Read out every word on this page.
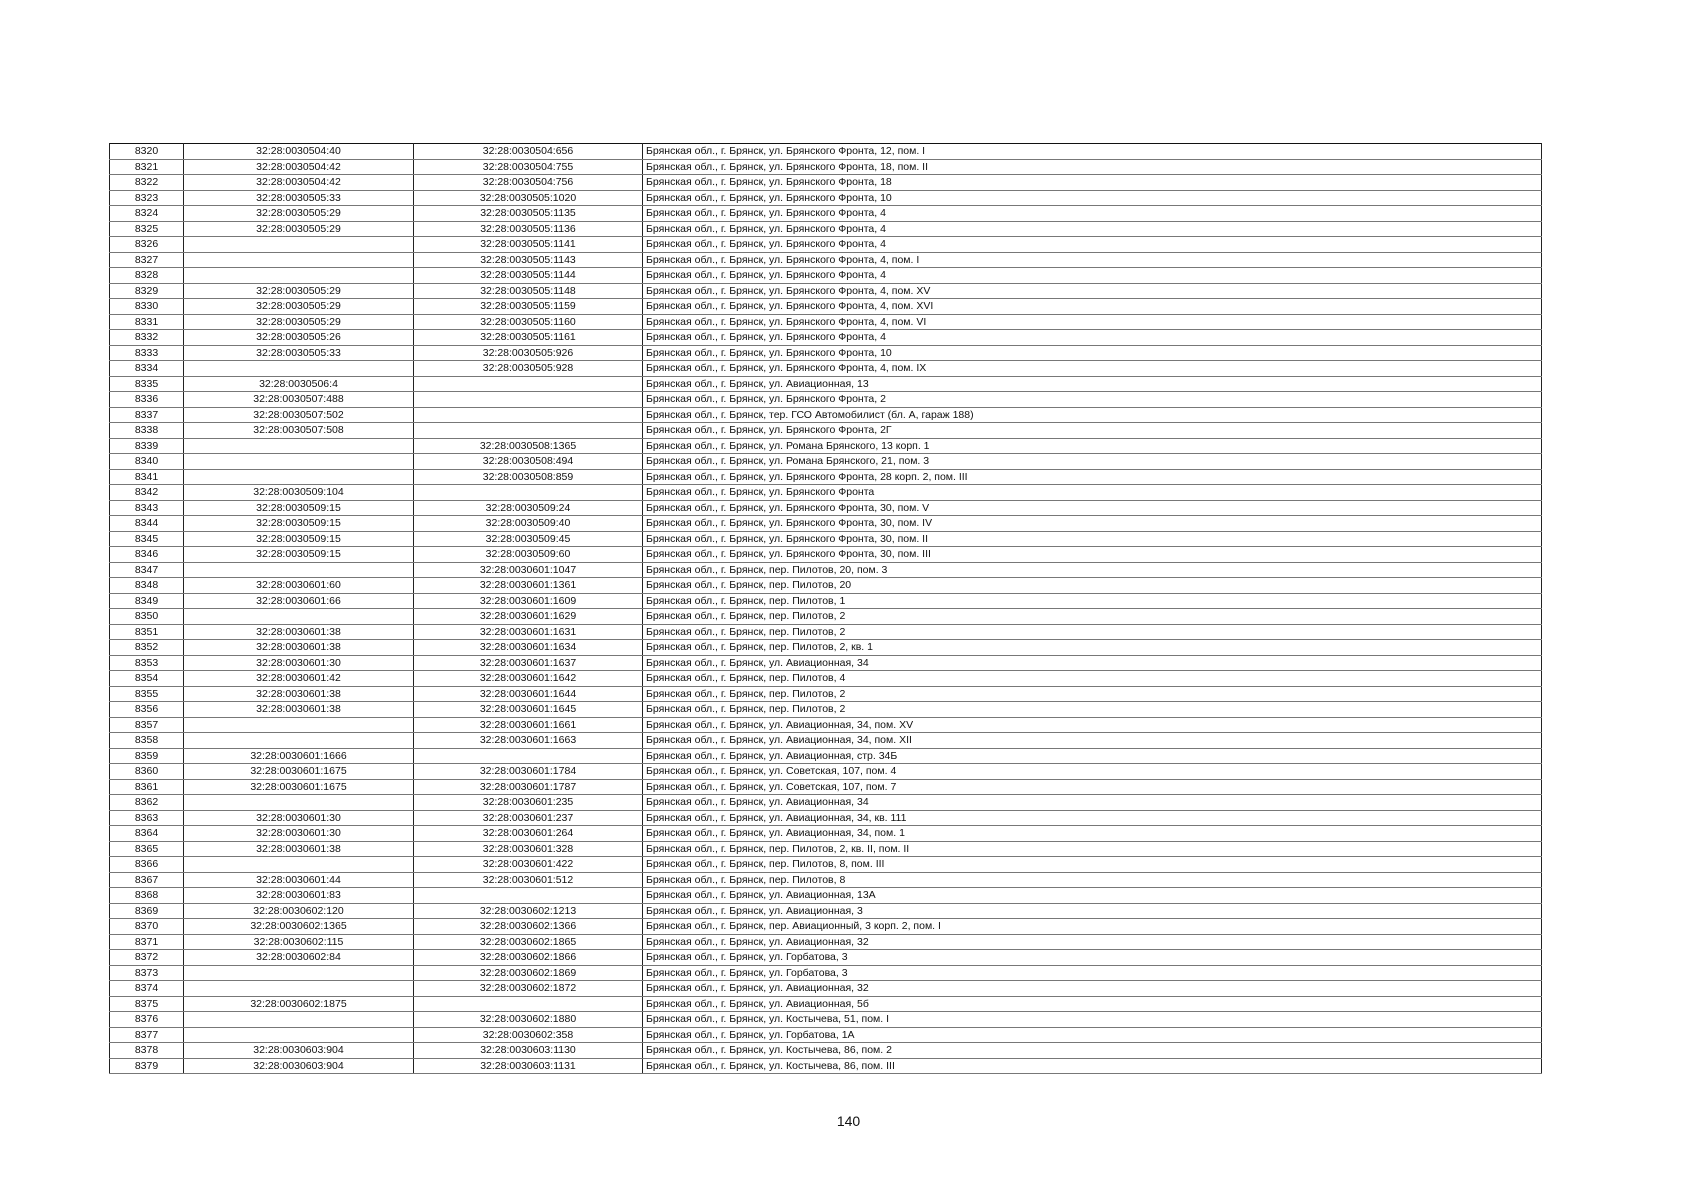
8320	32:28:0030504:40	32:28:0030504:656	Брянская обл., г. Брянск, ул. Брянского Фронта, 12, пом. I
8321	32:28:0030504:42	32:28:0030504:755	Брянская обл., г. Брянск, ул. Брянского Фронта, 18, пом. II
8322	32:28:0030504:42	32:28:0030504:756	Брянская обл., г. Брянск, ул. Брянского Фронта, 18
8323	32:28:0030505:33	32:28:0030505:1020	Брянская обл., г. Брянск, ул. Брянского Фронта, 10
8324	32:28:0030505:29	32:28:0030505:1135	Брянская обл., г. Брянск, ул. Брянского Фронта, 4
8325	32:28:0030505:29	32:28:0030505:1136	Брянская обл., г. Брянск, ул. Брянского Фронта, 4
8326		32:28:0030505:1141	Брянская обл., г. Брянск, ул. Брянского Фронта, 4
8327		32:28:0030505:1143	Брянская обл., г. Брянск, ул. Брянского Фронта, 4, пом. I
8328		32:28:0030505:1144	Брянская обл., г. Брянск, ул. Брянского Фронта, 4
8329	32:28:0030505:29	32:28:0030505:1148	Брянская обл., г. Брянск, ул. Брянского Фронта, 4, пом. XV
8330	32:28:0030505:29	32:28:0030505:1159	Брянская обл., г. Брянск, ул. Брянского Фронта, 4, пом. XVI
8331	32:28:0030505:29	32:28:0030505:1160	Брянская обл., г. Брянск, ул. Брянского Фронта, 4, пом. VI
8332	32:28:0030505:26	32:28:0030505:1161	Брянская обл., г. Брянск, ул. Брянского Фронта, 4
8333	32:28:0030505:33	32:28:0030505:926	Брянская обл., г. Брянск, ул. Брянского Фронта, 10
8334		32:28:0030505:928	Брянская обл., г. Брянск, ул. Брянского Фронта, 4, пом. IX
8335	32:28:0030506:4		Брянская обл., г. Брянск, ул. Авиационная, 13
8336	32:28:0030507:488		Брянская обл., г. Брянск, ул. Брянского Фронта, 2
8337	32:28:0030507:502		Брянская обл., г. Брянск, тер. ГСО Автомобилист (бл. А, гараж 188)
8338	32:28:0030507:508		Брянская обл., г. Брянск, ул. Брянского Фронта, 2Г
8339		32:28:0030508:1365	Брянская обл., г. Брянск, ул. Романа Брянского, 13 корп. 1
8340		32:28:0030508:494	Брянская обл., г. Брянск, ул. Романа Брянского, 21, пом. 3
8341		32:28:0030508:859	Брянская обл., г. Брянск, ул. Брянского Фронта, 28 корп. 2, пом. III
8342	32:28:0030509:104		Брянская обл., г. Брянск, ул. Брянского Фронта
8343	32:28:0030509:15	32:28:0030509:24	Брянская обл., г. Брянск, ул. Брянского Фронта, 30, пом. V
8344	32:28:0030509:15	32:28:0030509:40	Брянская обл., г. Брянск, ул. Брянского Фронта, 30, пом. IV
8345	32:28:0030509:15	32:28:0030509:45	Брянская обл., г. Брянск, ул. Брянского Фронта, 30, пом. II
8346	32:28:0030509:15	32:28:0030509:60	Брянская обл., г. Брянск, ул. Брянского Фронта, 30, пом. III
8347		32:28:0030601:1047	Брянская обл., г. Брянск, пер. Пилотов, 20, пом. 3
8348	32:28:0030601:60	32:28:0030601:1361	Брянская обл., г. Брянск, пер. Пилотов, 20
8349	32:28:0030601:66	32:28:0030601:1609	Брянская обл., г. Брянск, пер. Пилотов, 1
8350		32:28:0030601:1629	Брянская обл., г. Брянск, пер. Пилотов, 2
8351	32:28:0030601:38	32:28:0030601:1631	Брянская обл., г. Брянск, пер. Пилотов, 2
8352	32:28:0030601:38	32:28:0030601:1634	Брянская обл., г. Брянск, пер. Пилотов, 2, кв. 1
8353	32:28:0030601:30	32:28:0030601:1637	Брянская обл., г. Брянск, ул. Авиационная, 34
8354	32:28:0030601:42	32:28:0030601:1642	Брянская обл., г. Брянск, пер. Пилотов, 4
8355	32:28:0030601:38	32:28:0030601:1644	Брянская обл., г. Брянск, пер. Пилотов, 2
8356	32:28:0030601:38	32:28:0030601:1645	Брянская обл., г. Брянск, пер. Пилотов, 2
8357		32:28:0030601:1661	Брянская обл., г. Брянск, ул. Авиационная, 34, пом. XV
8358		32:28:0030601:1663	Брянская обл., г. Брянск, ул. Авиационная, 34, пом. XII
8359	32:28:0030601:1666		Брянская обл., г. Брянск, ул. Авиационная, стр. 34Б
8360	32:28:0030601:1675	32:28:0030601:1784	Брянская обл., г. Брянск, ул. Советская, 107, пом. 4
8361	32:28:0030601:1675	32:28:0030601:1787	Брянская обл., г. Брянск, ул. Советская, 107, пом. 7
8362		32:28:0030601:235	Брянская обл., г. Брянск, ул. Авиационная, 34
8363	32:28:0030601:30	32:28:0030601:237	Брянская обл., г. Брянск, ул. Авиационная, 34, кв. 111
8364	32:28:0030601:30	32:28:0030601:264	Брянская обл., г. Брянск, ул. Авиационная, 34, пом. 1
8365	32:28:0030601:38	32:28:0030601:328	Брянская обл., г. Брянск, пер. Пилотов, 2, кв. II, пом. II
8366		32:28:0030601:422	Брянская обл., г. Брянск, пер. Пилотов, 8, пом. III
8367	32:28:0030601:44	32:28:0030601:512	Брянская обл., г. Брянск, пер. Пилотов, 8
8368	32:28:0030601:83		Брянская обл., г. Брянск, ул. Авиационная, 13А
8369	32:28:0030602:120	32:28:0030602:1213	Брянская обл., г. Брянск, ул. Авиационная, 3
8370	32:28:0030602:1365	32:28:0030602:1366	Брянская обл., г. Брянск, пер. Авиационный, 3 корп. 2, пом. I
8371	32:28:0030602:115	32:28:0030602:1865	Брянская обл., г. Брянск, ул. Авиационная, 32
8372	32:28:0030602:84	32:28:0030602:1866	Брянская обл., г. Брянск, ул. Горбатова, 3
8373		32:28:0030602:1869	Брянская обл., г. Брянск, ул. Горбатова, 3
8374		32:28:0030602:1872	Брянская обл., г. Брянск, ул. Авиационная, 32
8375	32:28:0030602:1875		Брянская обл., г. Брянск, ул. Авиационная, 5б
8376		32:28:0030602:1880	Брянская обл., г. Брянск, ул. Костычева, 51, пом. I
8377		32:28:0030602:358	Брянская обл., г. Брянск, ул. Горбатова, 1А
8378	32:28:0030603:904	32:28:0030603:1130	Брянская обл., г. Брянск, ул. Костычева, 86, пом. 2
8379	32:28:0030603:904	32:28:0030603:1131	Брянская обл., г. Брянск, ул. Костычева, 86, пом. III
140
